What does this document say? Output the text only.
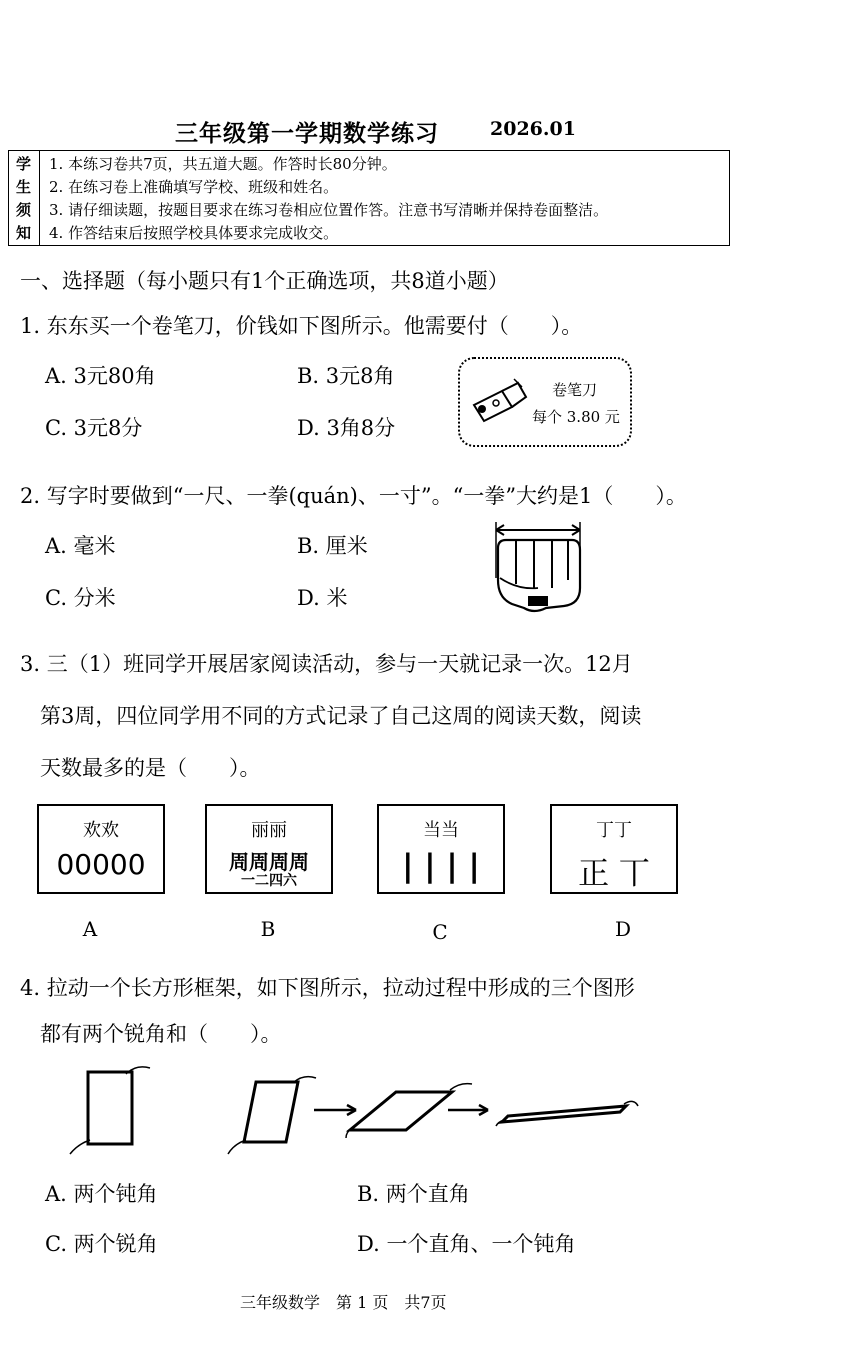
三年级第一学期数学练习	2026.01
学
生
须
知
1. 本练习卷共7页，共五道大题。作答时长80分钟。
2. 在练习卷上准确填写学校、班级和姓名。
3. 请仔细读题，按题目要求在练习卷相应位置作答。注意书写清晰并保持卷面整洁。
4. 作答结束后按照学校具体要求完成收交。
一、选择题（每小题只有1个正确选项，共8道小题）
1. 东东买一个卷笔刀，价钱如下图所示。他需要付（　　）。
A. 3元80角	B. 3元8角
C. 3元8分	D. 3角8分
卷笔刀
每个 3.80 元
2. 写字时要做到“一尺、一拳(quán)、一寸”。“一拳”大约是1（　　）。
A. 毫米	B. 厘米
C. 分米	D. 米
3. 三（1）班同学开展居家阅读活动，参与一天就记录一次。12月
第3周，四位同学用不同的方式记录了自己这周的阅读天数，阅读
天数最多的是（　　）。
欢欢
00000
丽丽
周周周周
一二四六
当当
| | | |
丁丁
正 丅
A	B	C	D
4. 拉动一个长方形框架，如下图所示，拉动过程中形成的三个图形
都有两个锐角和（　　）。
A. 两个钝角	B. 两个直角
C. 两个锐角	D. 一个直角、一个钝角
三年级数学　第 1 页　共7页
